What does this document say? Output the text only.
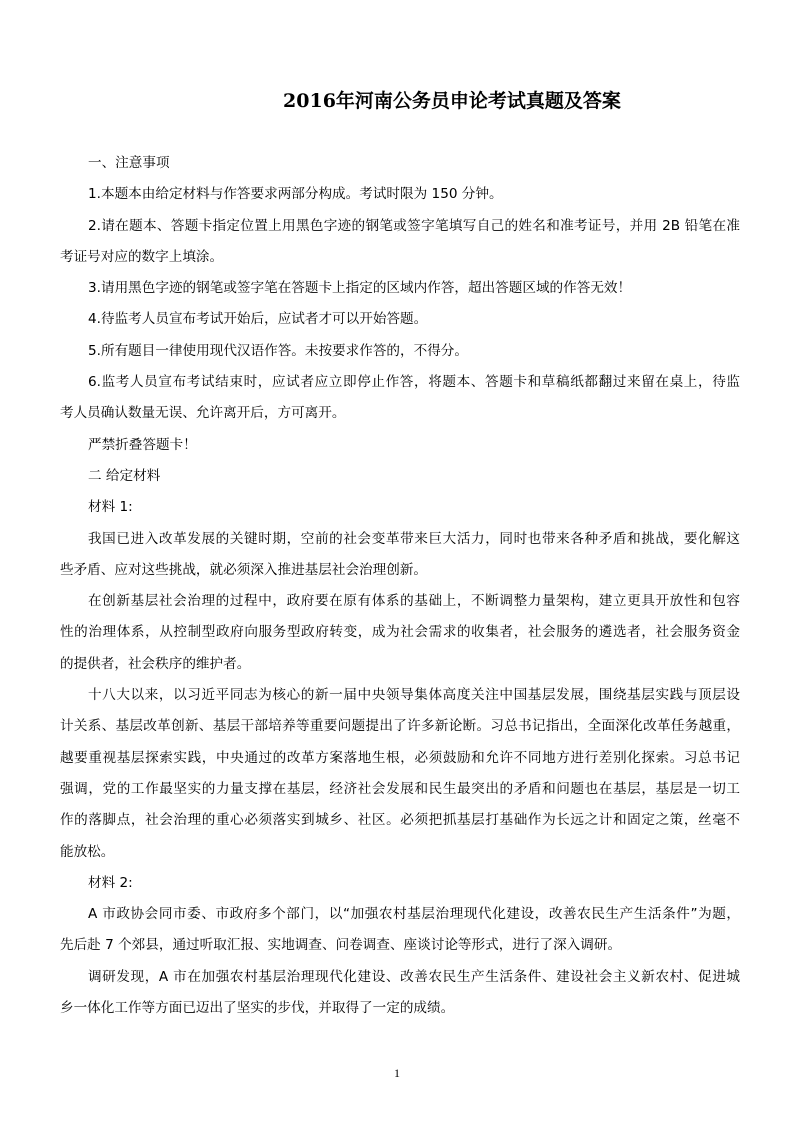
2016年河南公务员申论考试真题及答案
一、注意事项
1.本题本由给定材料与作答要求两部分构成。考试时限为 150 分钟。
2.请在题本、答题卡指定位置上用黑色字迹的钢笔或签字笔填写自己的姓名和准考证号，并用 2B 铅笔在准
考证号对应的数字上填涂。
3.请用黑色字迹的钢笔或签字笔在答题卡上指定的区域内作答，超出答题区域的作答无效！
4.待监考人员宣布考试开始后，应试者才可以开始答题。
5.所有题目一律使用现代汉语作答。未按要求作答的，不得分。
6.监考人员宣布考试结束时，应试者应立即停止作答，将题本、答题卡和草稿纸都翻过来留在桌上，待监
考人员确认数量无误、允许离开后，方可离开。
严禁折叠答题卡！
二 给定材料
材料 1:
我国已进入改革发展的关键时期，空前的社会变革带来巨大活力，同时也带来各种矛盾和挑战，要化解这
些矛盾、应对这些挑战，就必须深入推进基层社会治理创新。
在创新基层社会治理的过程中，政府要在原有体系的基础上，不断调整力量架构，建立更具开放性和包容
性的治理体系，从控制型政府向服务型政府转变，成为社会需求的收集者，社会服务的遴选者，社会服务资金
的提供者，社会秩序的维护者。
十八大以来，以习近平同志为核心的新一届中央领导集体高度关注中国基层发展，围绕基层实践与顶层设
计关系、基层改革创新、基层干部培养等重要问题提出了许多新论断。习总书记指出，全面深化改革任务越重，
越要重视基层探索实践，中央通过的改革方案落地生根，必须鼓励和允许不同地方进行差别化探索。习总书记
强调，党的工作最坚实的力量支撑在基层，经济社会发展和民生最突出的矛盾和问题也在基层，基层是一切工
作的落脚点，社会治理的重心必须落实到城乡、社区。必须把抓基层打基础作为长远之计和固定之策，丝毫不
能放松。
材料 2:
A 市政协会同市委、市政府多个部门，以“加强农村基层治理现代化建设，改善农民生产生活条件”为题，
先后赴 7 个郊县，通过听取汇报、实地调查、问卷调查、座谈讨论等形式，进行了深入调研。
调研发现，A 市在加强农村基层治理现代化建设、改善农民生产生活条件、建设社会主义新农村、促进城
乡一体化工作等方面已迈出了坚实的步伐，并取得了一定的成绩。
1
